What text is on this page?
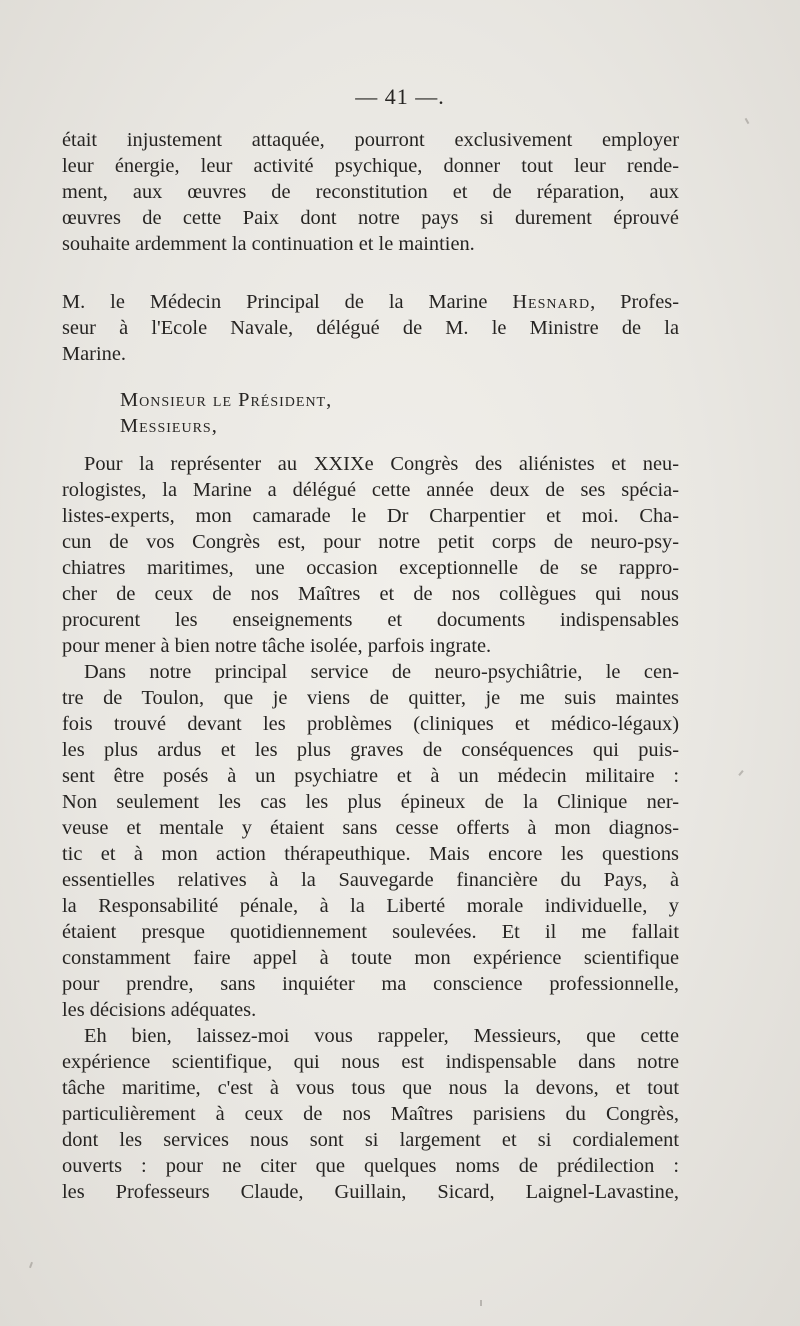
— 41 —.
était injustement attaquée, pourront exclusivement employer
leur énergie, leur activité psychique, donner tout leur rende-
ment, aux œuvres de reconstitution et de réparation, aux
œuvres de cette Paix dont notre pays si durement éprouvé
souhaite ardemment la continuation et le maintien.
M. le Médecin Principal de la Marine Hesnard, Profes-
seur à l'Ecole Navale, délégué de M. le Ministre de la
Marine.
Monsieur le Président,
Messieurs,
Pour la représenter au XXIXe Congrès des aliénistes et neu-
rologistes, la Marine a délégué cette année deux de ses spécia-
listes-experts, mon camarade le Dr Charpentier et moi. Cha-
cun de vos Congrès est, pour notre petit corps de neuro-psy-
chiatres maritimes, une occasion exceptionnelle de se rappro-
cher de ceux de nos Maîtres et de nos collègues qui nous
procurent les enseignements et documents indispensables
pour mener à bien notre tâche isolée, parfois ingrate.
Dans notre principal service de neuro-psychiâtrie, le cen-
tre de Toulon, que je viens de quitter, je me suis maintes
fois trouvé devant les problèmes (cliniques et médico-légaux)
les plus ardus et les plus graves de conséquences qui puis-
sent être posés à un psychiatre et à un médecin militaire :
Non seulement les cas les plus épineux de la Clinique ner-
veuse et mentale y étaient sans cesse offerts à mon diagnos-
tic et à mon action thérapeuthique. Mais encore les questions
essentielles relatives à la Sauvegarde financière du Pays, à
la Responsabilité pénale, à la Liberté morale individuelle, y
étaient presque quotidiennement soulevées. Et il me fallait
constamment faire appel à toute mon expérience scientifique
pour prendre, sans inquiéter ma conscience professionnelle,
les décisions adéquates.
Eh bien, laissez-moi vous rappeler, Messieurs, que cette
expérience scientifique, qui nous est indispensable dans notre
tâche maritime, c'est à vous tous que nous la devons, et tout
particulièrement à ceux de nos Maîtres parisiens du Congrès,
dont les services nous sont si largement et si cordialement
ouverts : pour ne citer que quelques noms de prédilection :
les Professeurs Claude, Guillain, Sicard, Laignel-Lavastine,
